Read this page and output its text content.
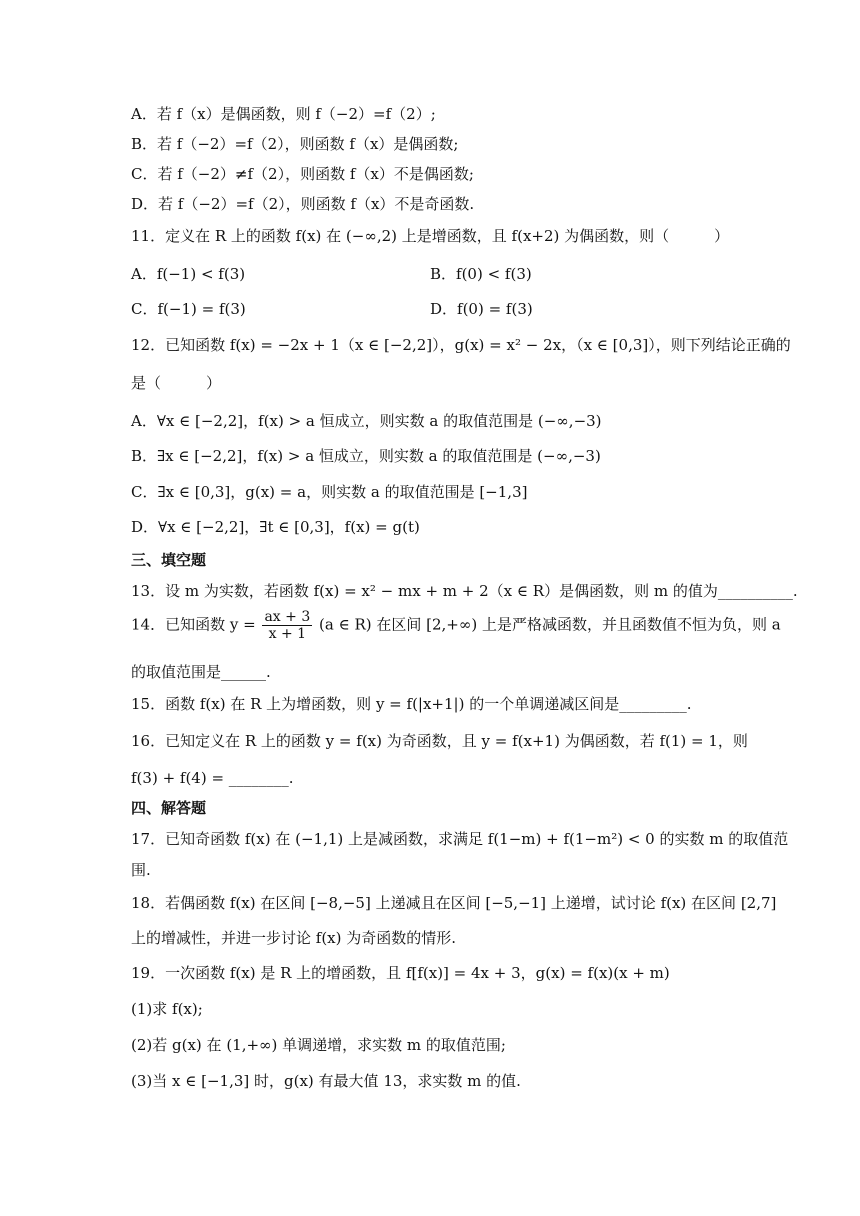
A．若 f（x）是偶函数，则 f（−2）=f（2）;
B．若 f（−2）=f（2），则函数 f（x）是偶函数;
C．若 f（−2）≠f（2），则函数 f（x）不是偶函数;
D．若 f（−2）=f（2），则函数 f（x）不是奇函数.
11．定义在 R 上的函数 f(x) 在 (−∞,2) 上是增函数，且 f(x+2) 为偶函数，则（　　　）
A．f(−1) < f(3)	B．f(0) < f(3)
C．f(−1) = f(3)	D．f(0) = f(3)
12．已知函数 f(x) = −2x + 1（x ∈ [−2,2]），g(x) = x² − 2x，（x ∈ [0,3]），则下列结论正确的
是（　　　）
A．∀x ∈ [−2,2]，f(x) > a 恒成立，则实数 a 的取值范围是 (−∞,−3)
B．∃x ∈ [−2,2]，f(x) > a 恒成立，则实数 a 的取值范围是 (−∞,−3)
C．∃x ∈ [0,3]，g(x) = a，则实数 a 的取值范围是 [−1,3]
D．∀x ∈ [−2,2]，∃t ∈ [0,3]，f(x) = g(t)
三、填空题
13．设 m 为实数，若函数 f(x) = x² − mx + m + 2（x ∈ R）是偶函数，则 m 的值为__________.
14．已知函数 $y = \frac{ax + 3}{x + 1} (a$ ∈ R) 在区间 [2,+∞) 上是严格减函数，并且函数值不恒为负，则 a
的取值范围是______.
15．函数 f(x) 在 R 上为增函数，则 y = f(|x+1|) 的一个单调递减区间是_________.
16．已知定义在 R 上的函数 y = f(x) 为奇函数，且 y = f(x+1) 为偶函数，若 f(1) = 1，则
f(3) + f(4) = ________.
四、解答题
17．已知奇函数 f(x) 在 (−1,1) 上是减函数，求满足 f(1−m) + f(1−m²) < 0 的实数 m 的取值范
围.
18．若偶函数 f(x) 在区间 [−8,−5] 上递减且在区间 [−5,−1] 上递增，试讨论 f(x) 在区间 [2,7]
上的增减性，并进一步讨论 f(x) 为奇函数的情形.
19．一次函数 f(x) 是 R 上的增函数，且 f[f(x)] = 4x + 3，g(x) = f(x)(x + m)
(1)求 f(x);
(2)若 g(x) 在 (1,+∞) 单调递增，求实数 m 的取值范围;
(3)当 x ∈ [−1,3] 时，g(x) 有最大值 13，求实数 m 的值.
